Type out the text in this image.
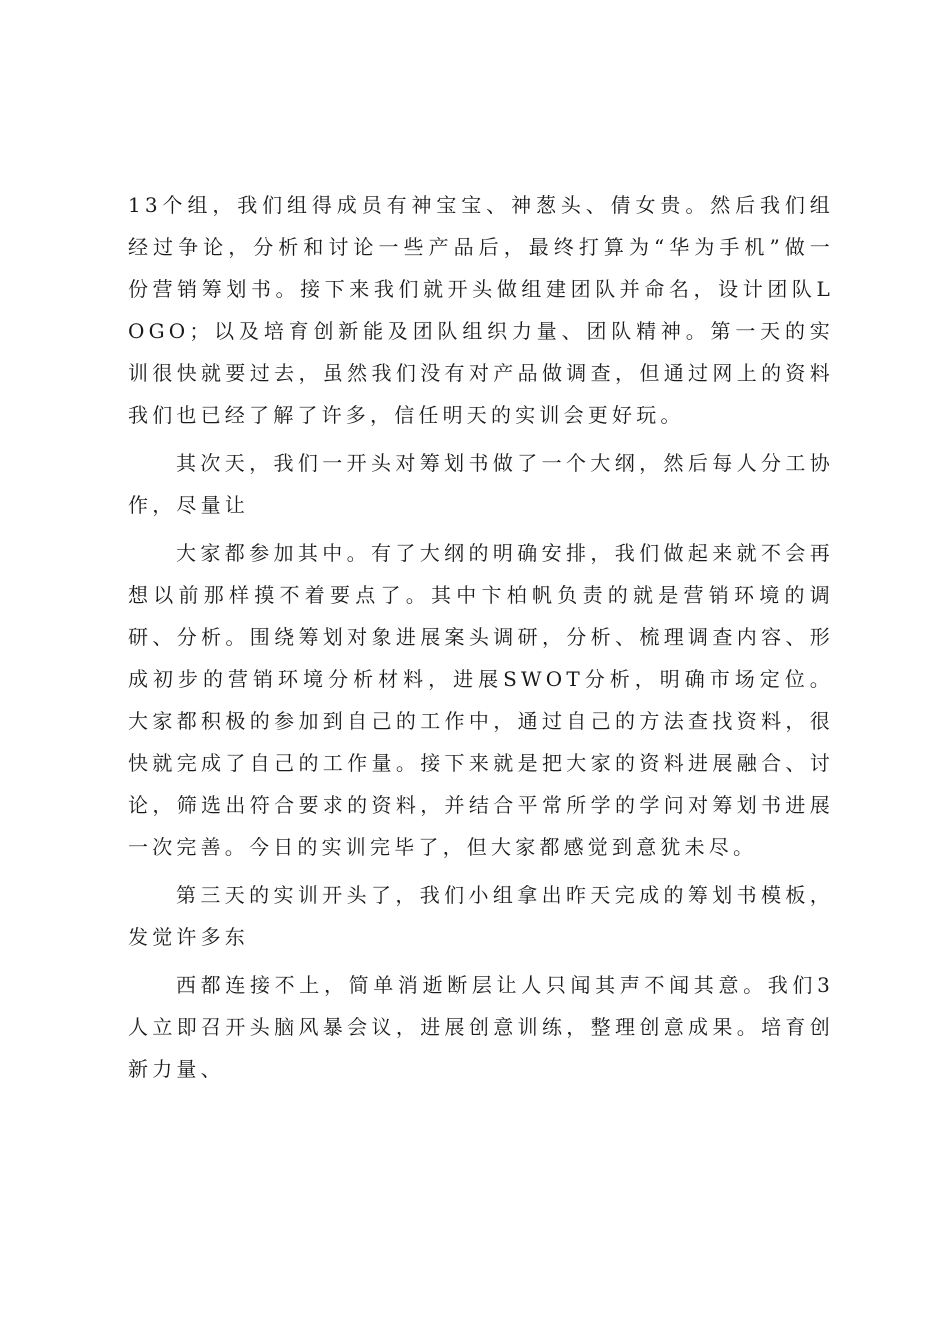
13个组，我们组得成员有神宝宝、神葱头、倩女贵。然后我们组经过争论，分析和讨论一些产品后，最终打算为“华为手机”做一份营销筹划书。接下来我们就开头做组建团队并命名，设计团队LOGO；以及培育创新能及团队组织力量、团队精神。第一天的实训很快就要过去，虽然我们没有对产品做调查，但通过网上的资料我们也已经了解了许多，信任明天的实训会更好玩。

其次天，我们一开头对筹划书做了一个大纲，然后每人分工协作，尽量让

大家都参加其中。有了大纲的明确安排，我们做起来就不会再想以前那样摸不着要点了。其中卞柏帆负责的就是营销环境的调研、分析。围绕筹划对象进展案头调研，分析、梳理调查内容、形成初步的营销环境分析材料，进展SWOT分析，明确市场定位。大家都积极的参加到自己的工作中，通过自己的方法查找资料，很快就完成了自己的工作量。接下来就是把大家的资料进展融合、讨论，筛选出符合要求的资料，并结合平常所学的学问对筹划书进展一次完善。今日的实训完毕了，但大家都感觉到意犹未尽。

第三天的实训开头了，我们小组拿出昨天完成的筹划书模板，发觉许多东

西都连接不上，简单消逝断层让人只闻其声不闻其意。我们3人立即召开头脑风暴会议，进展创意训练，整理创意成果。培育创新力量、
